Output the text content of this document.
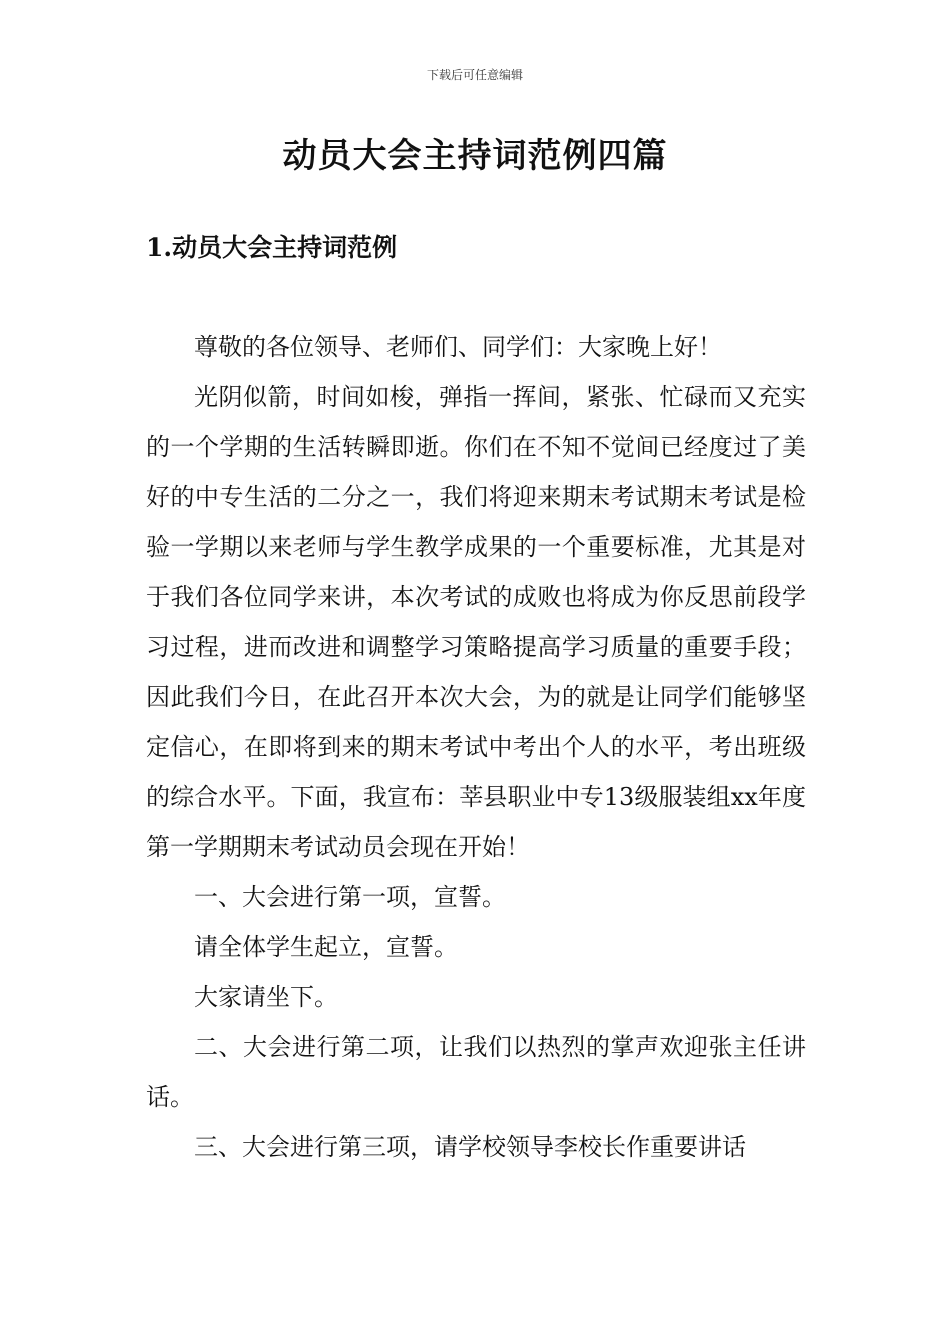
下载后可任意编辑
动员大会主持词范例四篇
1.动员大会主持词范例

尊敬的各位领导、老师们、同学们：大家晚上好！

光阴似箭，时间如梭，弹指一挥间，紧张、忙碌而又充实的一个学期的生活转瞬即逝。你们在不知不觉间已经度过了美好的中专生活的二分之一，我们将迎来期末考试期末考试是检验一学期以来老师与学生教学成果的一个重要标准，尤其是对于我们各位同学来讲，本次考试的成败也将成为你反思前段学习过程，进而改进和调整学习策略提高学习质量的重要手段；因此我们今日，在此召开本次大会，为的就是让同学们能够坚定信心，在即将到来的期末考试中考出个人的水平，考出班级的综合水平。下面，我宣布：莘县职业中专13级服装组xx年度第一学期期末考试动员会现在开始！

一、大会进行第一项，宣誓。

请全体学生起立，宣誓。

大家请坐下。

二、大会进行第二项，让我们以热烈的掌声欢迎张主任讲话。

三、大会进行第三项，请学校领导李校长作重要讲话
